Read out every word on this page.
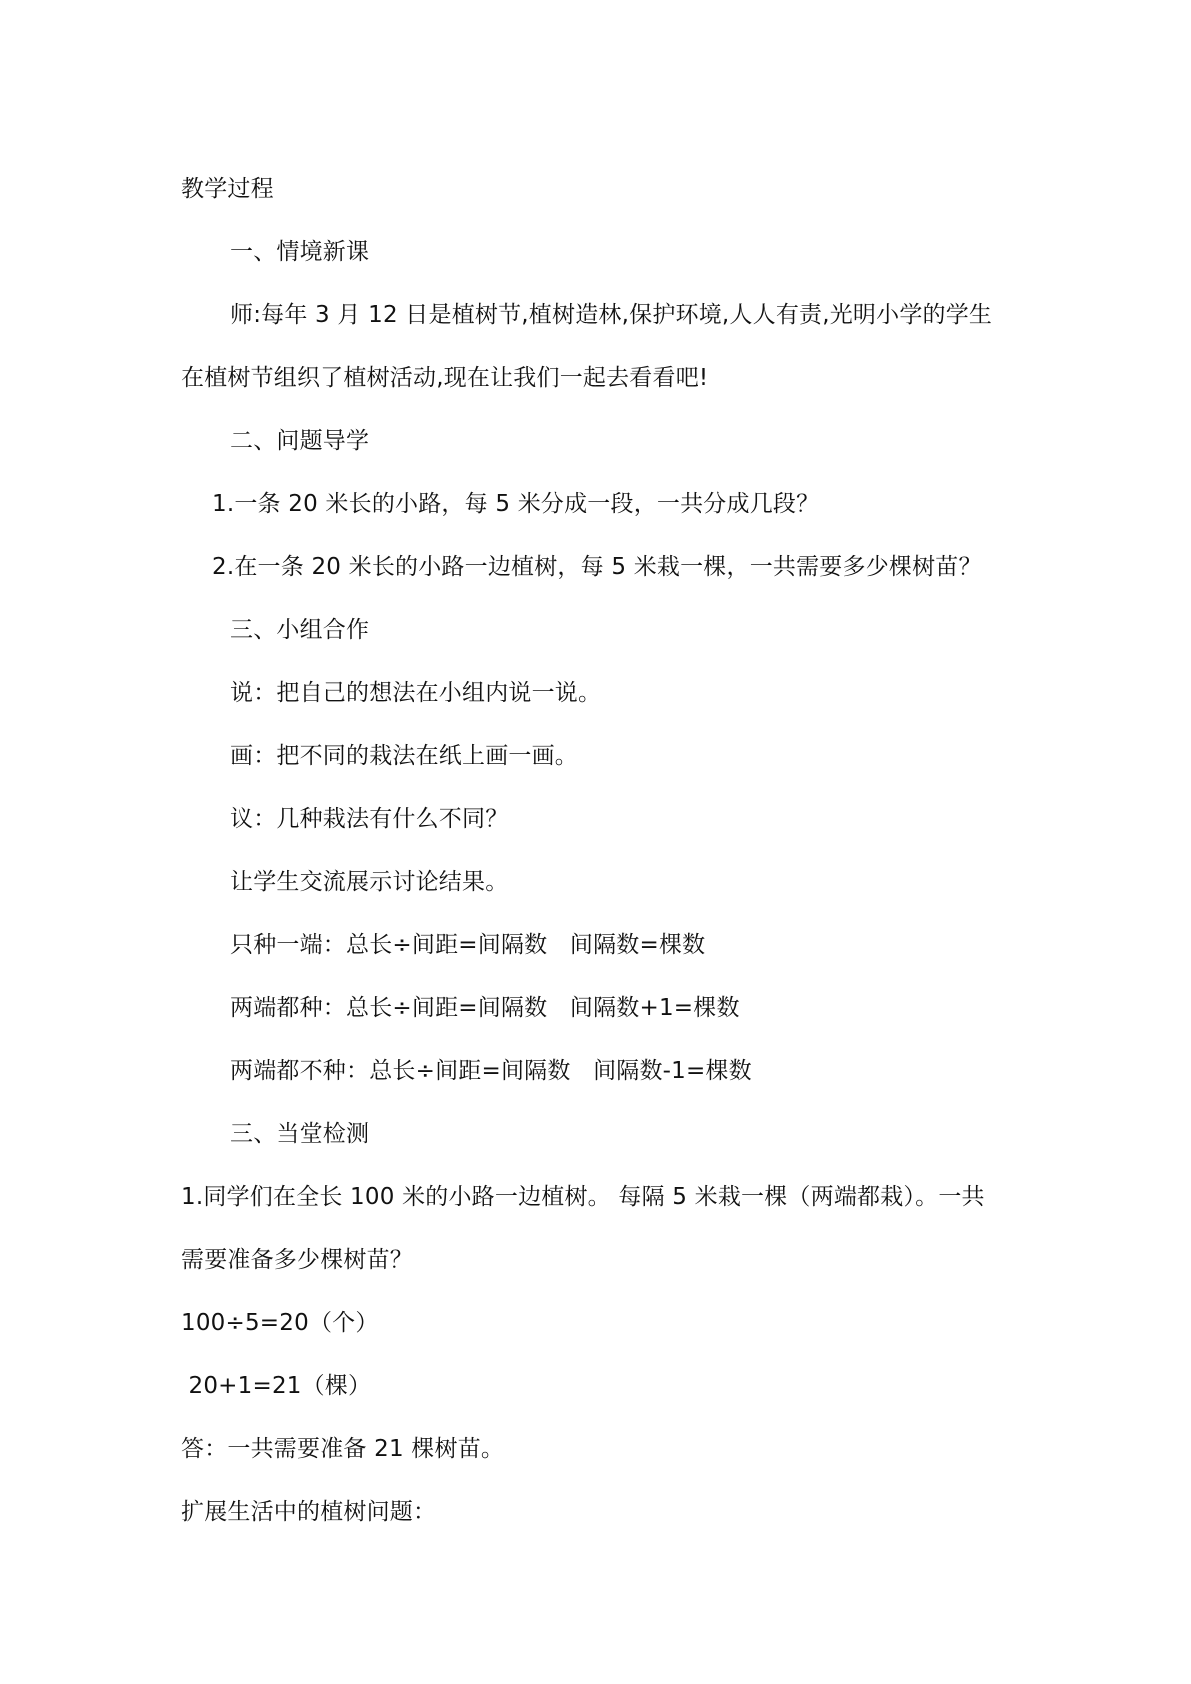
教学过程
一、情境新课
师:每年 3 月 12 日是植树节,植树造林,保护环境,人人有责,光明小学的学生
在植树节组织了植树活动,现在让我们一起去看看吧!
二、问题导学
1.一条 20 米长的小路，每 5 米分成一段，一共分成几段？
2.在一条 20 米长的小路一边植树，每 5 米栽一棵，一共需要多少棵树苗？
三、小组合作
说：把自己的想法在小组内说一说。
画：把不同的栽法在纸上画一画。
议：几种栽法有什么不同？
让学生交流展示讨论结果。
只种一端：总长÷间距=间隔数   间隔数=棵数
两端都种：总长÷间距=间隔数   间隔数+1=棵数
两端都不种：总长÷间距=间隔数   间隔数-1=棵数
三、当堂检测
1.同学们在全长 100 米的小路一边植树。 每隔 5 米栽一棵（两端都栽）。一共
需要准备多少棵树苗？
100÷5=20（个）
20+1=21（棵）
答：一共需要准备 21 棵树苗。
扩展生活中的植树问题：
